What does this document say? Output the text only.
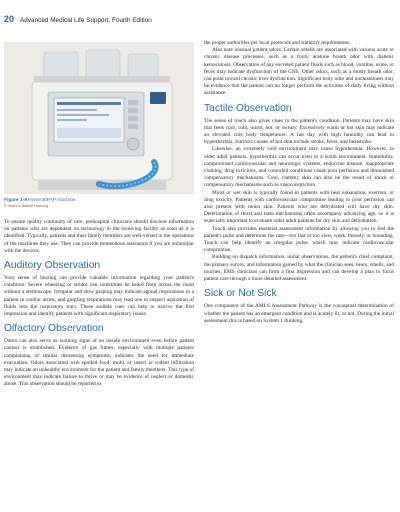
20 Advanced Medical Life Support, Fourth Edition
Figure 1-9 Home BiPAP machine.
© Jones & Bartlett Learning

To ensure quality continuity of care, prehospital clinicians should disclose information on patients who are dependent on technology to the receiving facility as soon as it is identified. Typically, patients and their family members are well-versed in the operations of the machines they use. They can provide tremendous assistance if you are unfamiliar with the devices.

Auditory Observation

Your sense of hearing can provide valuable information regarding your patient's condition. Severe wheezing or stridor can sometimes be heard from across the room without a stethoscope. Irregular and slow gasping may indicate agonal respirations in a patient in cardiac arrest, and gurgling respirations may lead one to suspect aspiration of fluids into the respiratory tract. These audible cues can help to narrow the first impression and identify patients with significant respiratory issues.

Olfactory Observation

Odors can also serve as warning signs of an unsafe environment even before patient contact is established. Evidence of gas fumes, especially with multiple patients complaining of similar distressing symptoms, indicates the need for immediate evacuation. Odors associated with spoiled food, mold, or insect or rodent infiltration may indicate an unhealthy environment for the patient and family members. This type of environment may indicate failure to thrive or may be evidence of neglect or domestic abuse. This observation should be reported to

the proper authorities per local protocols and statutory requirements.

Also note unusual patient odors. Certain smells are associated with various acute or chronic disease processes, such as a fruity acetone breath odor with diabetic ketoacidosis. Observation of any excreted patient fluids such as blood, vomitus, urine, or feces may indicate dysfunction of the CNS. Other odors, such as a musty breath odor, can point toward chronic liver dysfunction. Significant body odor and uncleanliness may be evidence that the patient can no longer perform the activities of daily living without assistance.

Tactile Observation

The sense of touch also gives clues to the patient's condition. Patients may have skin that feels cool, cold, warm, hot, or sweaty. Excessively warm or hot skin may indicate an elevated core body temperature. A hot day with high humidity can lead to hyperthermia. Intrinsic causes of hot skin include stroke, fever, and heatstroke.

Likewise, an extremely cold environment may cause hypothermia. However, in older adult patients, hypothermia can occur even in a warm environment. Immobility, compromised cardiovascular and neurologic systems, endocrine disease, inappropriate clothing, drug toxicities, and comorbid conditions cause poor perfusion and diminished compensatory mechanisms. Cool, clammy skin can also be the result of shock or compensatory mechanisms such as vasoconstriction.

Moist or wet skin is typically found in patients with heat exhaustion, exertion, or drug toxicity. Patients with cardiovascular compromise leading to poor perfusion can also present with moist skin. Patients who are dehydrated will have dry skin. Deterioration of thirst and taste mechanisms often accompany advancing age, so it is especially important to evaluate older adult patients for dry skin and dehydration.

Touch also provides essential assessment information by allowing you to feel the patient's pulse and determine the rate—too fast or too slow, weak, thready, or bounding. Touch can help identify an irregular pulse, which may indicate cardiovascular compromise.

Building on dispatch information, initial observations, the patient's chief complaint, the primary survey, and information gained by what the clinician sees, hears, smells, and touches, EMS clinicians can form a first impression and can develop a plan to focus patient care through a more detailed assessment.

Sick or Not Sick

One component of the AMLS Assessment Pathway is the conceptual determination of whether the patient has an emergent condition and is acutely ill, or not. During the initial assessment this is based on System 1 thinking,
